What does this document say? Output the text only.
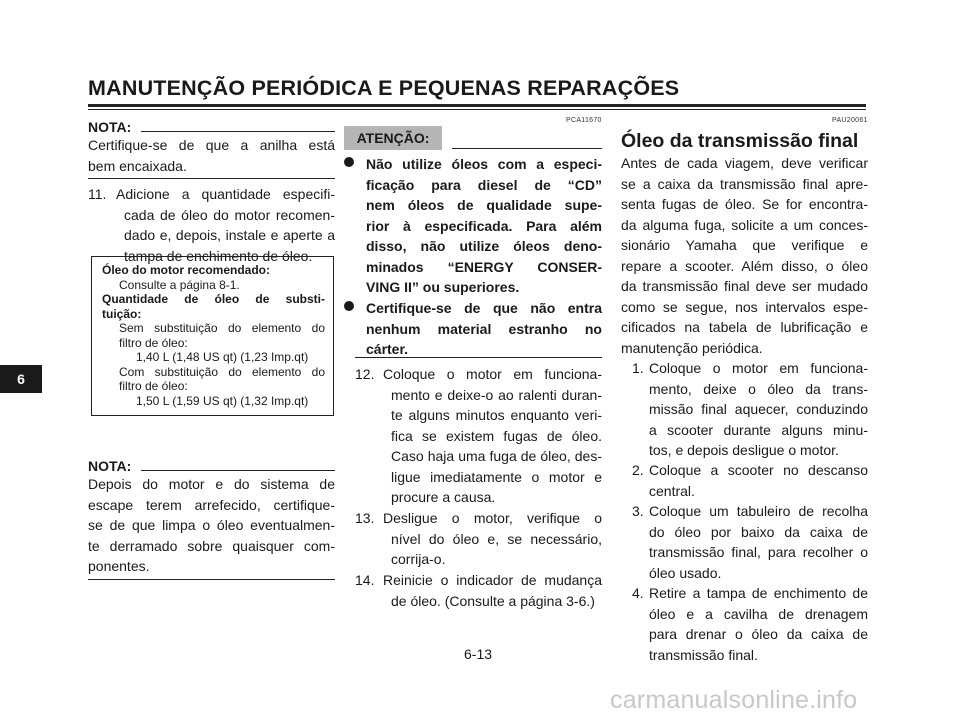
MANUTENÇÃO PERIÓDICA E PEQUENAS REPARAÇÕES
6
NOTA:
Certifique-se de que a anilha está
bem encaixada.
11. Adicione a quantidade especifi-
cada de óleo do motor recomen-
dado e, depois, instale e aperte a
tampa de enchimento de óleo.
Óleo do motor recomendado:
Consulte a página 8-1.
Quantidade de óleo de substi-
tuição:
Sem substituição do elemento do
filtro de óleo:
1,40 L (1,48 US qt) (1,23 Imp.qt)
Com substituição do elemento do
filtro de óleo:
1,50 L (1,59 US qt) (1,32 Imp.qt)
NOTA:
Depois do motor e do sistema de
escape terem arrefecido, certifique-
se de que limpa o óleo eventualmen-
te derramado sobre quaisquer com-
ponentes.
PCA11670
ATENÇÃO:
Não utilize óleos com a especi-
ficação para diesel de “CD”
nem óleos de qualidade supe-
rior à especificada. Para além
disso, não utilize óleos deno-
minados “ENERGY CONSER-
VING II” ou superiores.
Certifique-se de que não entra
nenhum material estranho no
cárter.
12. Coloque o motor em funciona-
mento e deixe-o ao ralenti duran-
te alguns minutos enquanto veri-
fica se existem fugas de óleo.
Caso haja uma fuga de óleo, des-
ligue imediatamente o motor e
procure a causa.
13. Desligue o motor, verifique o
nível do óleo e, se necessário,
corrija-o.
14. Reinicie o indicador de mudança
de óleo. (Consulte a página 3-6.)
PAU20061
Óleo da transmissão final
Antes de cada viagem, deve verificar
se a caixa da transmissão final apre-
senta fugas de óleo. Se for encontra-
da alguma fuga, solicite a um conces-
sionário Yamaha que verifique e
repare a scooter. Além disso, o óleo
da transmissão final deve ser mudado
como se segue, nos intervalos espe-
cificados na tabela de lubrificação e
manutenção periódica.
1. Coloque o motor em funciona-
mento, deixe o óleo da trans-
missão final aquecer, conduzindo
a scooter durante alguns minu-
tos, e depois desligue o motor.
2. Coloque a scooter no descanso
central.
3. Coloque um tabuleiro de recolha
do óleo por baixo da caixa de
transmissão final, para recolher o
óleo usado.
4. Retire a tampa de enchimento de
óleo e a cavilha de drenagem
para drenar o óleo da caixa de
transmissão final.
6-13
carmanualsonline.info
